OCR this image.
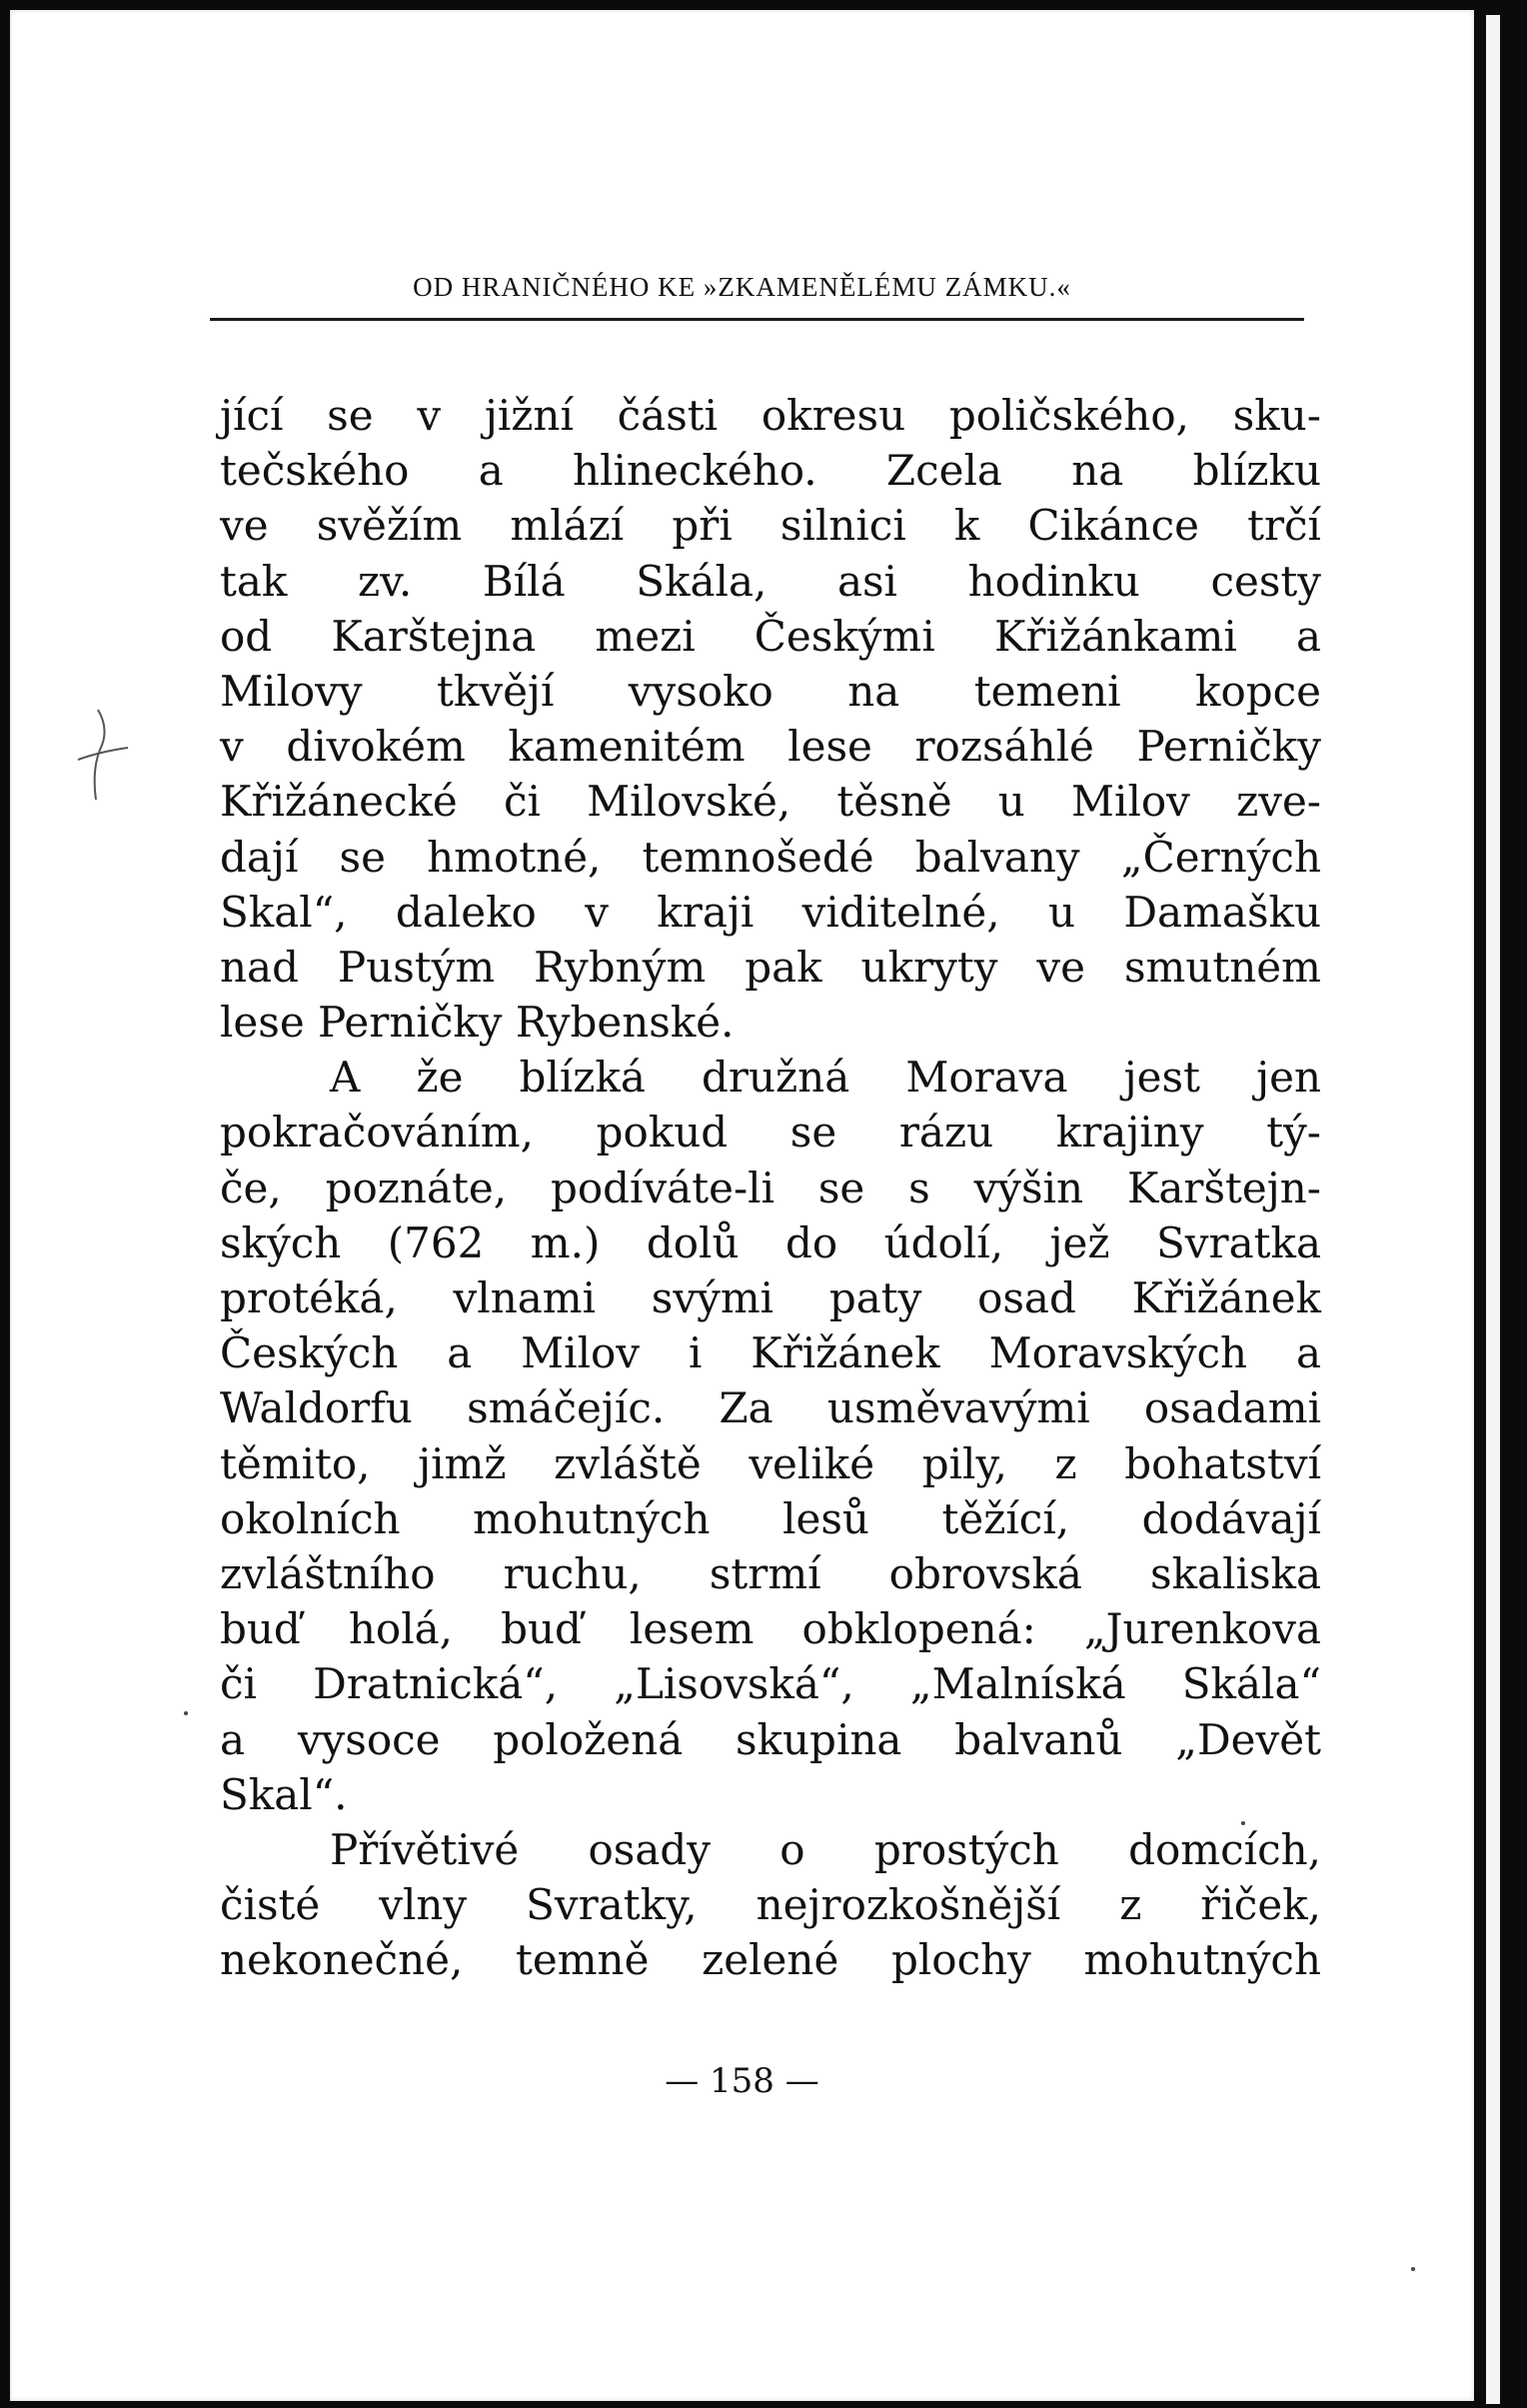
OD HRANIČNÉHO KE »ZKAMENĚLÉMU ZÁMKU.«
jící se v jižní části okresu poličského, sku-
tečského a hlineckého. Zcela na blízku
ve svěžím mlází při silnici k Cikánce trčí
tak zv. Bílá Skála, asi hodinku cesty
od Karštejna mezi Českými Křižánkami a
Milovy tkvějí vysoko na temeni kopce
v divokém kamenitém lese rozsáhlé Perničky
Křižánecké či Milovské, těsně u Milov zve-
dají se hmotné, temnošedé balvany „Černých
Skal“, daleko v kraji viditelné, u Damašku
nad Pustým Rybným pak ukryty ve smutném
lese Perničky Rybenské.
A že blízká družná Morava jest jen
pokračováním, pokud se rázu krajiny tý-
če, poznáte, podíváte-li se s výšin Karštejn-
ských (762 m.) dolů do údolí, jež Svratka
protéká, vlnami svými paty osad Křižánek
Českých a Milov i Křižánek Moravských a
Waldorfu smáčejíc. Za usměvavými osadami
těmito, jimž zvláště veliké pily, z bohatství
okolních mohutných lesů těžící, dodávají
zvláštního ruchu, strmí obrovská skaliska
buď holá, buď lesem obklopená: „Jurenkova
či Dratnická“, „Lisovská“, „Malníská Skála“
a vysoce položená skupina balvanů „Devět
Skal“.
Přívětivé osady o prostých domcích,
čisté vlny Svratky, nejrozkošnější z řiček,
nekonečné, temně zelené plochy mohutných
— 158 —
